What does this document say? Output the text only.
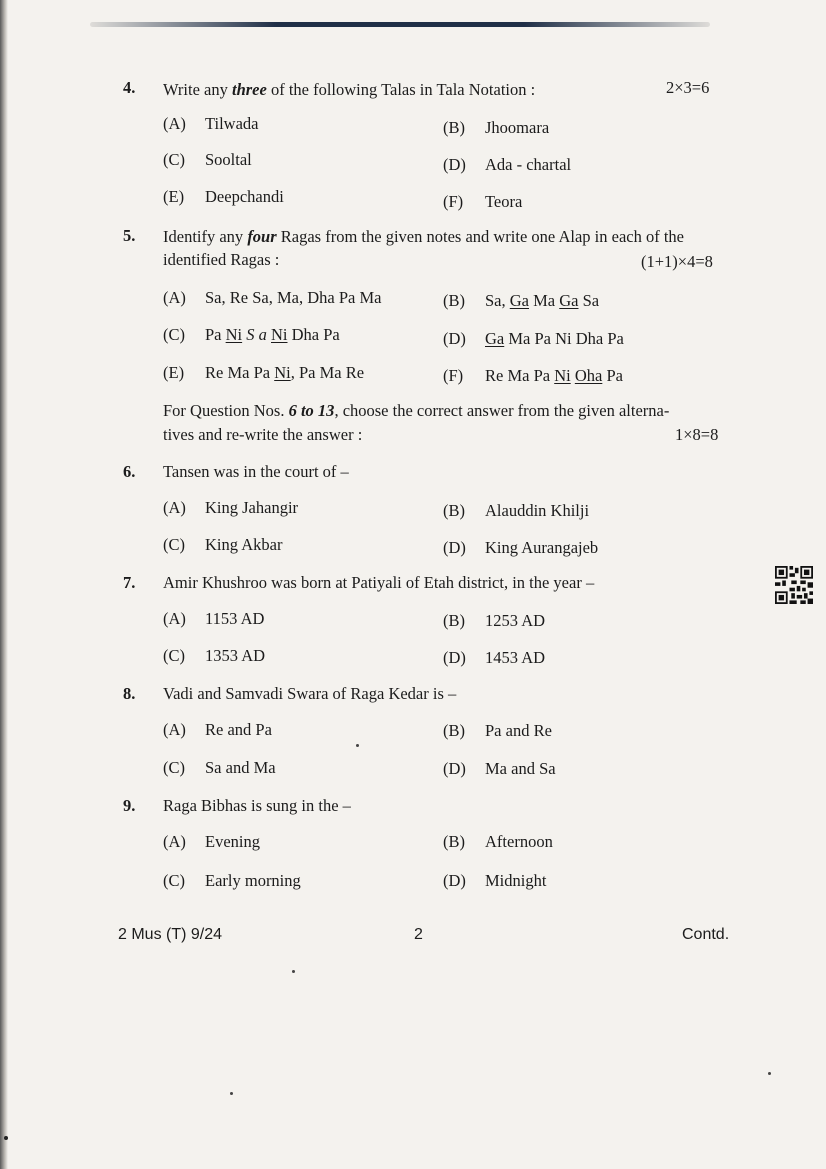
4. Write any three of the following Talas in Tala Notation :	2×3=6
(A) Tilwada	(B) Jhoomara
(C) Sooltal	(D) Ada - chartal
(E) Deepchandi	(F) Teora
5. Identify any four Ragas from the given notes and write one Alap in each of the
identified Ragas :	(1+1)×4=8
(A) Sa, Re Sa, Ma, Dha Pa Ma	(B) Sa, Ga Ma Ga Sa
(C) Pa Ni S a Ni Dha Pa	(D) Ga Ma Pa Ni Dha Pa
(E) Re Ma Pa Ni, Pa Ma Re	(F) Re Ma Pa Ni Oha Pa
For Question Nos. 6 to 13, choose the correct answer from the given alterna-
tives and re-write the answer :	1×8=8
6. Tansen was in the court of –
(A) King Jahangir	(B) Alauddin Khilji
(C) King Akbar	(D) King Aurangajeb
7. Amir Khushroo was born at Patiyali of Etah district, in the year –
(A) 1153 AD	(B) 1253 AD
(C) 1353 AD	(D) 1453 AD
8. Vadi and Samvadi Swara of Raga Kedar is –
(A) Re and Pa	(B) Pa and Re
(C) Sa and Ma	(D) Ma and Sa
9. Raga Bibhas is sung in the –
(A) Evening	(B) Afternoon
(C) Early morning	(D) Midnight
2 Mus (T) 9/24	2	Contd.
